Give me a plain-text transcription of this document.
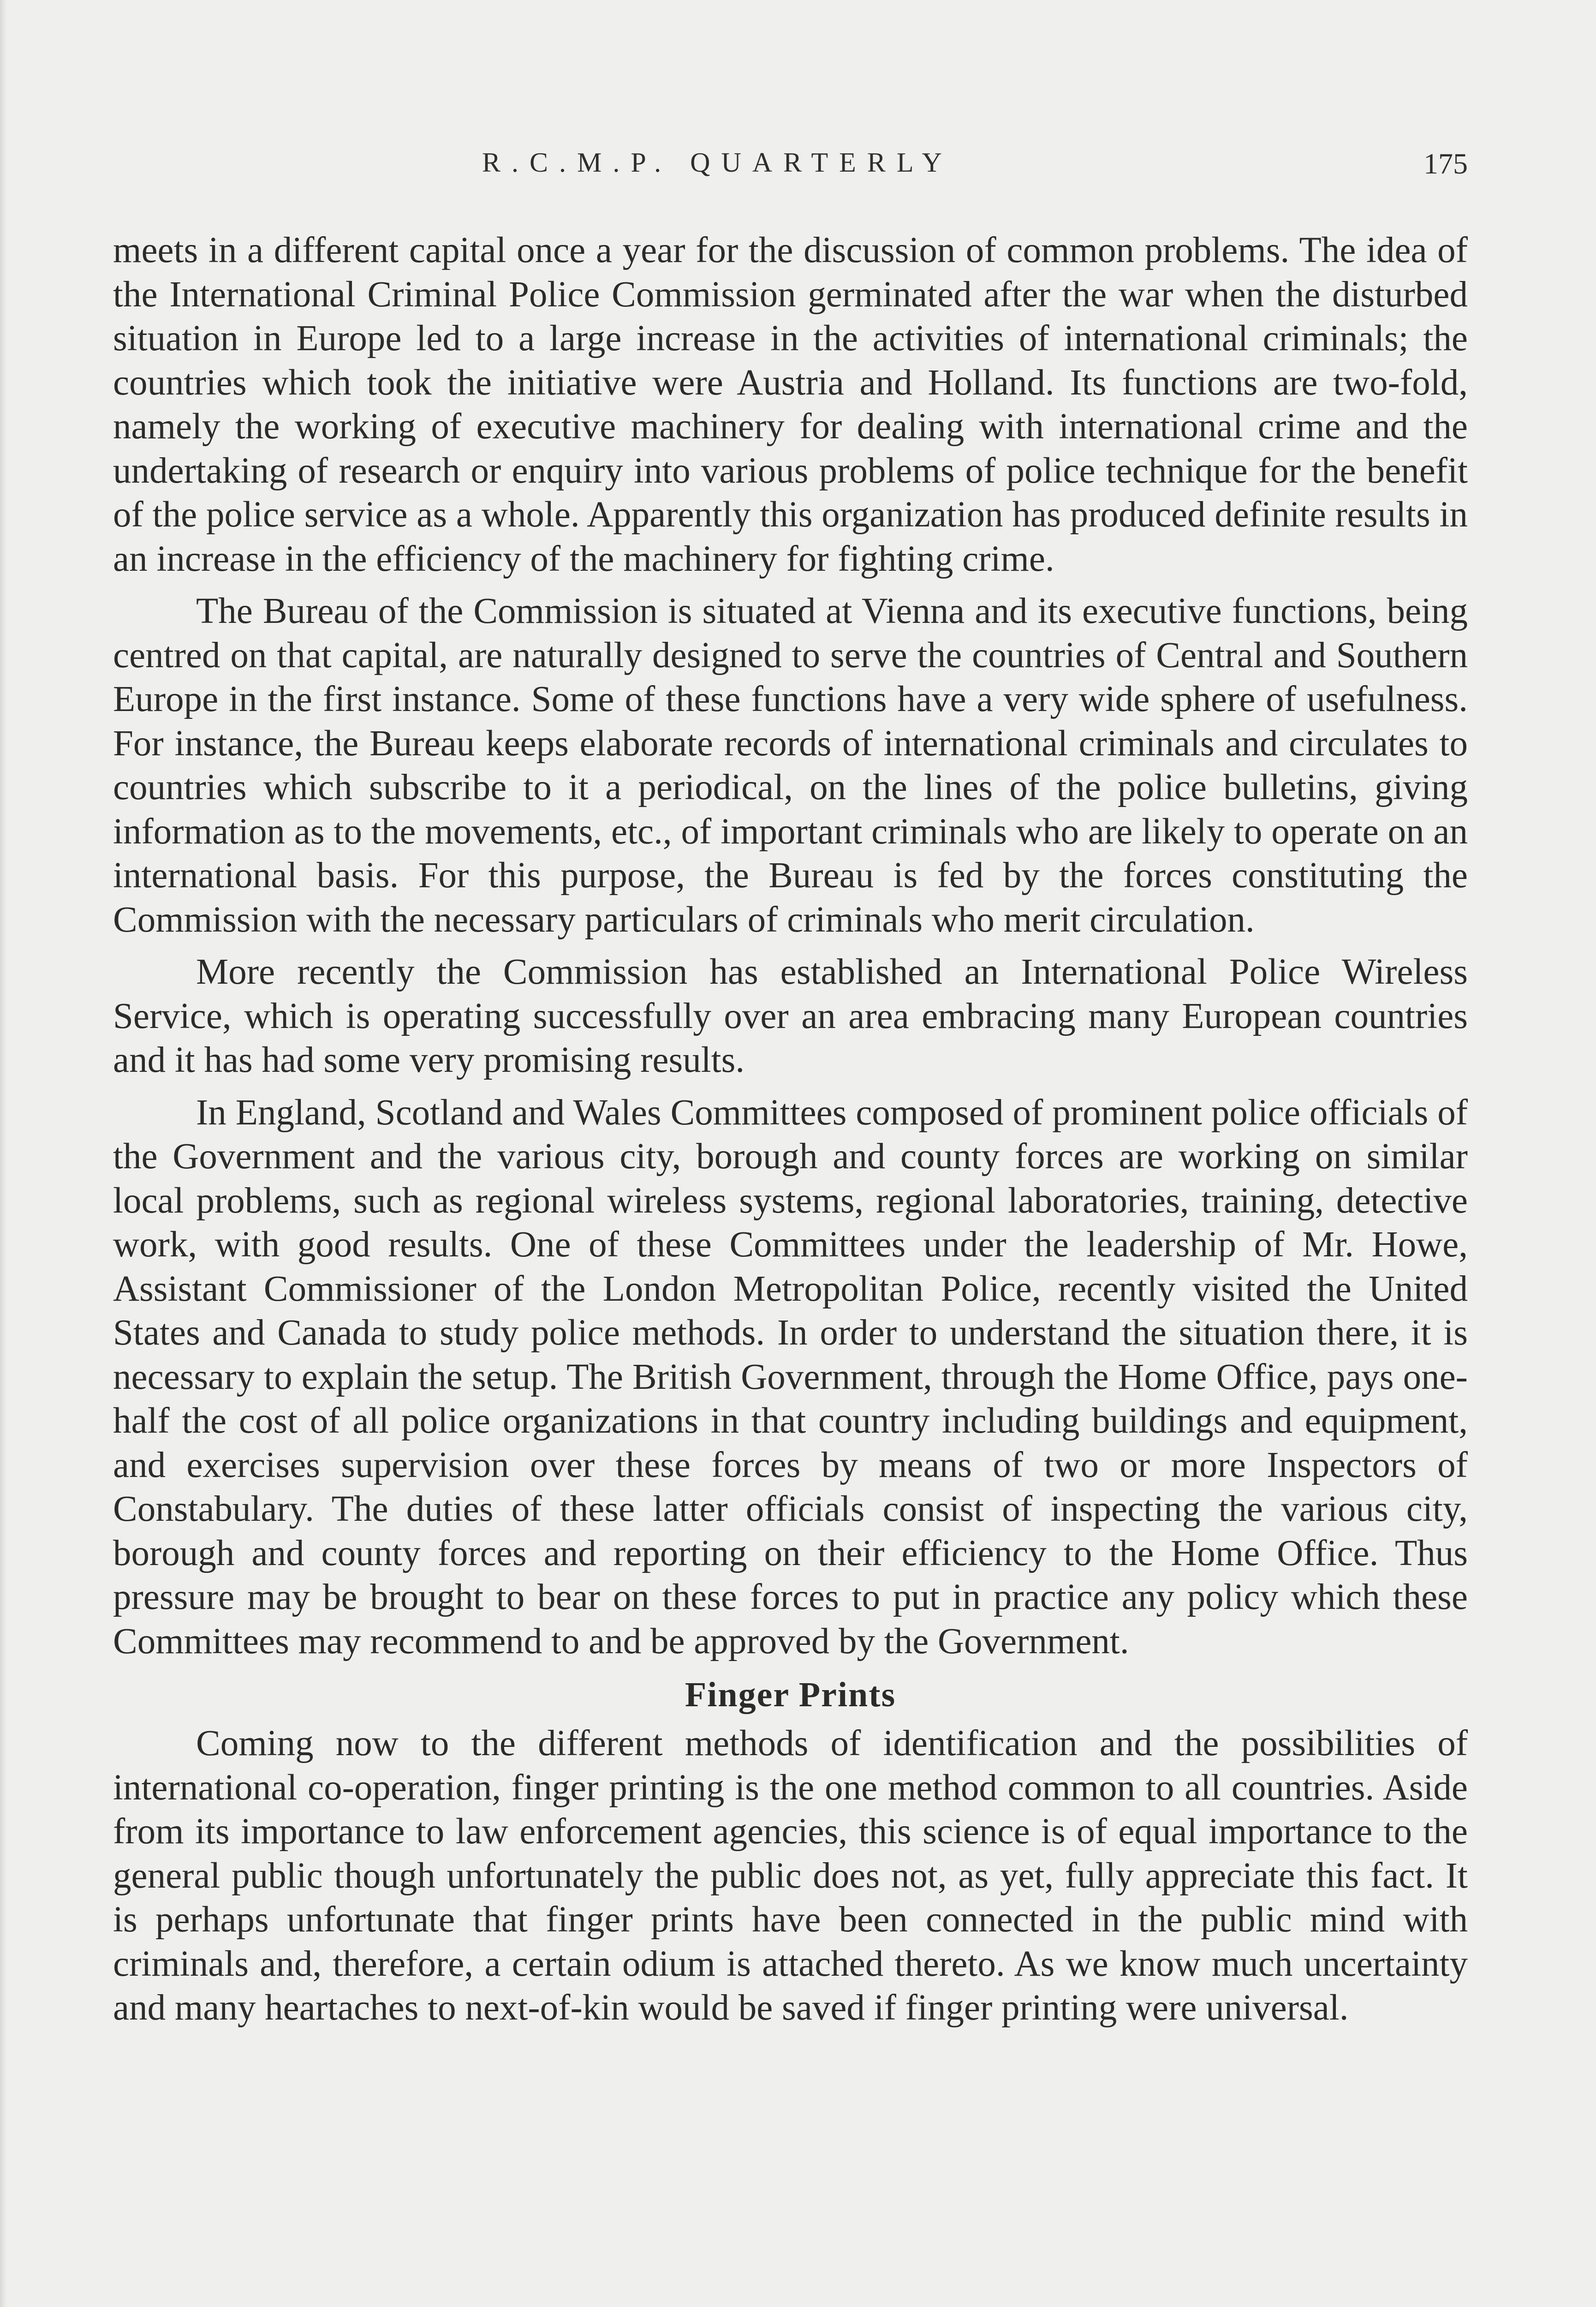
R.C.M.P. QUARTERLY	175

meets in a different capital once a year for the discussion of common problems. The idea of the International Criminal Police Commission germinated after the war when the disturbed situation in Europe led to a large increase in the activities of international criminals; the countries which took the initiative were Austria and Holland. Its functions are two-fold, namely the working of executive machinery for dealing with international crime and the undertaking of research or enquiry into various problems of police technique for the benefit of the police service as a whole. Apparently this organization has produced definite results in an increase in the efficiency of the machinery for fighting crime.

The Bureau of the Commission is situated at Vienna and its executive functions, being centred on that capital, are naturally designed to serve the countries of Central and Southern Europe in the first instance. Some of these functions have a very wide sphere of usefulness. For instance, the Bureau keeps elaborate records of international criminals and circulates to countries which subscribe to it a periodical, on the lines of the police bulletins, giving information as to the movements, etc., of important criminals who are likely to operate on an international basis. For this purpose, the Bureau is fed by the forces constituting the Commission with the necessary particulars of criminals who merit circulation.

More recently the Commission has established an International Police Wireless Service, which is operating successfully over an area embracing many European countries and it has had some very promising results.

In England, Scotland and Wales Committees composed of prominent police officials of the Government and the various city, borough and county forces are working on similar local problems, such as regional wireless systems, regional laboratories, training, detective work, with good results. One of these Committees under the leadership of Mr. Howe, Assistant Commissioner of the London Metropolitan Police, recently visited the United States and Canada to study police methods. In order to understand the situation there, it is necessary to explain the setup. The British Government, through the Home Office, pays one-half the cost of all police organizations in that country including buildings and equipment, and exercises supervision over these forces by means of two or more Inspectors of Constabulary. The duties of these latter officials consist of inspecting the various city, borough and county forces and reporting on their efficiency to the Home Office. Thus pressure may be brought to bear on these forces to put in practice any policy which these Committees may recommend to and be approved by the Government.

Finger Prints

Coming now to the different methods of identification and the possibilities of international co-operation, finger printing is the one method common to all countries. Aside from its importance to law enforcement agencies, this science is of equal importance to the general public though unfortunately the public does not, as yet, fully appreciate this fact. It is perhaps unfortunate that finger prints have been connected in the public mind with criminals and, therefore, a certain odium is attached thereto. As we know much uncertainty and many heartaches to next-of-kin would be saved if finger printing were universal.
